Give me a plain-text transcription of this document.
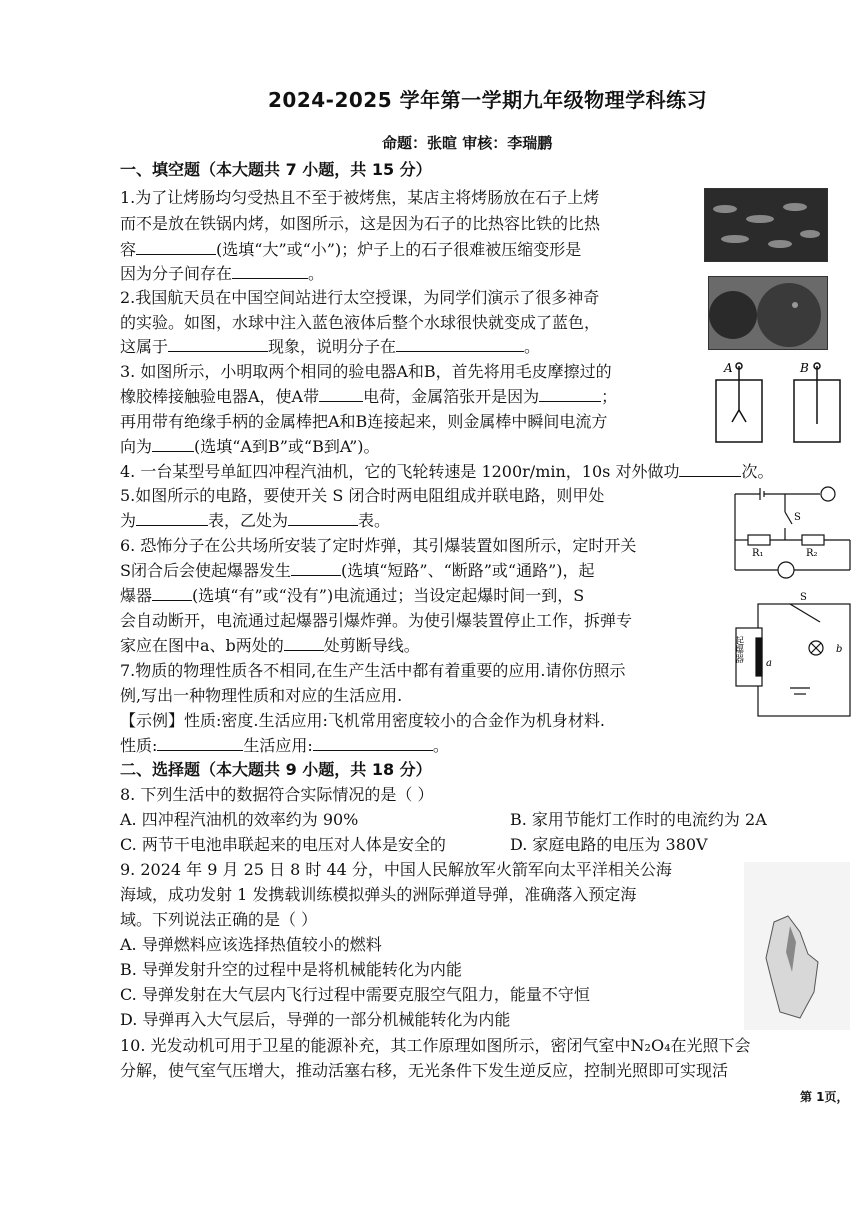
2024-2025 学年第一学期九年级物理学科练习
命题：张暄 审核：李瑞鹏
一、填空题（本大题共 7 小题，共 15 分）
1.为了让烤肠均匀受热且不至于被烤焦，某店主将烤肠放在石子上烤
而不是放在铁锅内烤，如图所示，这是因为石子的比热容比铁的比热
容	(选填“大”或“小”)；炉子上的石子很难被压缩变形是
因为分子间存在	。
2.我国航天员在中国空间站进行太空授课，为同学们演示了很多神奇
的实验。如图，水球中注入蓝色液体后整个水球很快就变成了蓝色，
这属于	现象，说明分子在	。
3. 如图所示，小明取两个相同的验电器A和B，首先将用毛皮摩擦过的
橡胶棒接触验电器A，使A带	电荷，金属箔张开是因为	；
再用带有绝缘手柄的金属棒把A和B连接起来，则金属棒中瞬间电流方
向为	(选填“A到B”或“B到A”)。
4. 一台某型号单缸四冲程汽油机，它的飞轮转速是 1200r/min，10s 对外做功	次。
5.如图所示的电路，要使开关 S 闭合时两电阻组成并联电路，则甲处
为	表，乙处为	表。
6. 恐怖分子在公共场所安装了定时炸弹，其引爆装置如图所示，定时开关
S闭合后会使起爆器发生	(选填“短路”、“断路”或“通路”)，起
爆器	(选填“有”或“没有”)电流通过；当设定起爆时间一到，S
会自动断开，电流通过起爆器引爆炸弹。为使引爆装置停止工作，拆弹专
家应在图中a、b两处的	处剪断导线。
7.物质的物理性质各不相同,在生产生活中都有着重要的应用.请你仿照示
例,写出一种物理性质和对应的生活应用.
【示例】性质:密度.生活应用:飞机常用密度较小的合金作为机身材料.
性质:	生活应用:	。
二、选择题（本大题共 9 小题，共 18 分）
8. 下列生活中的数据符合实际情况的是（ ）
A. 四冲程汽油机的效率约为 90%	B. 家用节能灯工作时的电流约为 2A
C. 两节干电池串联起来的电压对人体是安全的	D. 家庭电路的电压为 380V
9. 2024 年 9 月 25 日 8 时 44 分，中国人民解放军火箭军向太平洋相关公海
海域，成功发射 1 发携载训练模拟弹头的洲际弹道导弹，准确落入预定海
域。下列说法正确的是（ ）
A. 导弹燃料应该选择热值较小的燃料
B. 导弹发射升空的过程中是将机械能转化为内能
C. 导弹发射在大气层内飞行过程中需要克服空气阻力，能量不守恒
D. 导弹再入大气层后，导弹的一部分机械能转化为内能
10. 光发动机可用于卫星的能源补充，其工作原理如图所示，密闭气室中N₂O₄在光照下会
分解，使气室气压增大，推动活塞右移，无光条件下发生逆反应，控制光照即可实现活
第 1页，
A	B
S
R₁	R₂
S
起爆器
a
b
